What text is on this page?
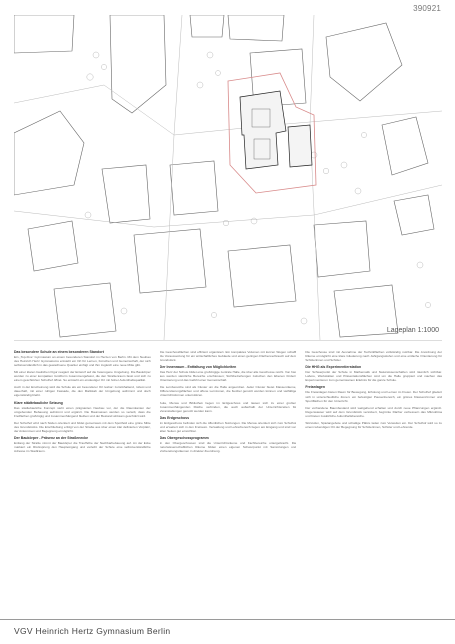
390921
Lageplan 1:1000
Das besondere Schule an einem besonderen Standort

Ein „Top-Five“ Gymnasium an einem besonderen Standort im Herzen von Berlin. Mit dem Neubau des Heinrich Hertz Gymnasiums entsteht ein Ort für Lernen, Forschen und Gemeinschaft, der sich selbstverständlich in das gewachsene Quartier einfügt und ihm zugleich eine neue Mitte gibt.

Mit einer klaren baulichen Figur reagiert der Entwurf auf die heterogene Umgebung. Die Baukörper werden zu einer kompakten Großform zusammengefasst, die den Straßenraum fasst und sich zu einem geschützten Schulhof öffnet. So entsteht ein eindeutiger Ort mit hoher Aufenthaltsqualität.

Auch in der Erscheinung wird die Schule als ein besonderer Ort lesbar: zurückhaltend, robust und dauerhaft, mit einer ruhigen Fassade, die den Maßstab der Umgebung aufnimmt und doch eigenständig bleibt.

Klare städtebauliche Setzung

Das städtebauliche Konzept sieht einen prägnanten Neubau vor, der die Raumkanten der umgebenden Bebauung aufnimmt und ergänzt. Die Baumassen werden so verteilt, dass die Freiflächen großzügig und zusammenhängend bleiben und der Bestand wirksam geschützt wird.

Der Schulhof wird nach Süden orientiert und bildet gemeinsam mit dem Sportfeld eine grüne Mitte des Grundstücks. Die Erschließung erfolgt von der Straße aus über einen klar definierten Vorplatz, der Ankommen und Begegnung ermöglicht.

Der Baukörper - Präsenz an der Straßenecke

Entlang der Straße nimmt der Baukörper die Traufhöhe der Nachbarbebauung auf. An der Ecke markiert ein Rücksprung den Haupteingang und verleiht der Schule eine selbstverständliche Adresse im Stadtraum.

Die Geschossflächen sind effizient organisiert. Ein kompaktes Volumen mit kurzen Wegen schafft die Voraussetzung für ein wirtschaftliches Gebäude und einen geringen Flächenverbrauch auf dem Grundstück.

Der Innenraum - Entfaltung von Möglichkeiten

Das Herz der Schule bildet eine großzügige zentrale Halle, die über alle Geschosse reicht. Von hier aus werden sämtliche Bereiche erschlossen; Sichtbeziehungen zwischen den Ebenen fördern Orientierung und das Gefühl einer Gemeinschaft.

Die Lernbereiche sind als Cluster um die Halle angeordnet. Jeder Cluster bietet Klassenräume, Differenzierungsflächen und offene Lernzonen, die flexibel genutzt werden können und vielfältige Unterrichtsformen unterstützen.

Aula, Mensa und Bibliothek liegen im Erdgeschoss und lassen sich zu einer großen zusammenhängenden Fläche verbinden, die auch außerhalb der Unterrichtszeiten für Veranstaltungen genutzt werden kann.

Das Erdgeschoss

Im Erdgeschoss befinden sich die öffentlichen Nutzungen. Die Mensa orientiert sich zum Schulhof und erweitert sich in den Freiraum. Verwaltung und Lehrerbereich liegen am Eingang und sind von allen Seiten gut erreichbar.

Das Obergeschossprogramm

In den Obergeschossen sind die Unterrichtsräume und Fachbereiche untergebracht. Die naturwissenschaftlichen Räume bilden einen eigenen Schwerpunkt mit Sammlungen und Vorbereitungsräumen in direkter Zuordnung.

Die Geschosse sind mit Ausnahme der Technikflächen vollständig nutzbar. Die Anordnung der Räume ermöglicht eine klare Gliederung nach Jahrgangsstufen und eine einfache Orientierung für Schülerinnen und Schüler.

Die HHG als Experimentierstation

Der Schwerpunkt der Schule in Mathematik und Naturwissenschaften wird räumlich sichtbar. Labore, Werkstätten und Präsentationsflächen sind um die Halle gruppiert und machen das Experimentieren zum gemeinsamen Erlebnis für die ganze Schule.

Freianlagen

Die Freianlagen bieten Raum für Bewegung, Erholung und Lernen im Freien. Der Schulhof gliedert sich in unterschiedliche Zonen: ein befestigter Pausenbereich, ein grünes Klassenzimmer und Sportflächen für den Unterricht.

Der vorhandene Baumbestand wird weitgehend erhalten und durch neue Pflanzungen ergänzt. Regenwasser wird auf dem Grundstück versickert, begrünte Dächer verbessern das Mikroklima und bieten zusätzliche Aufenthaltsbereiche.

Sitzstufen, Spielangebote und schattige Plätze laden zum Verweilen ein. Der Schulhof wird so zu einem lebendigen Ort der Begegnung für Schülerinnen, Schüler und Lehrende.

VGV Heinrich Hertz Gymnasium Berlin
